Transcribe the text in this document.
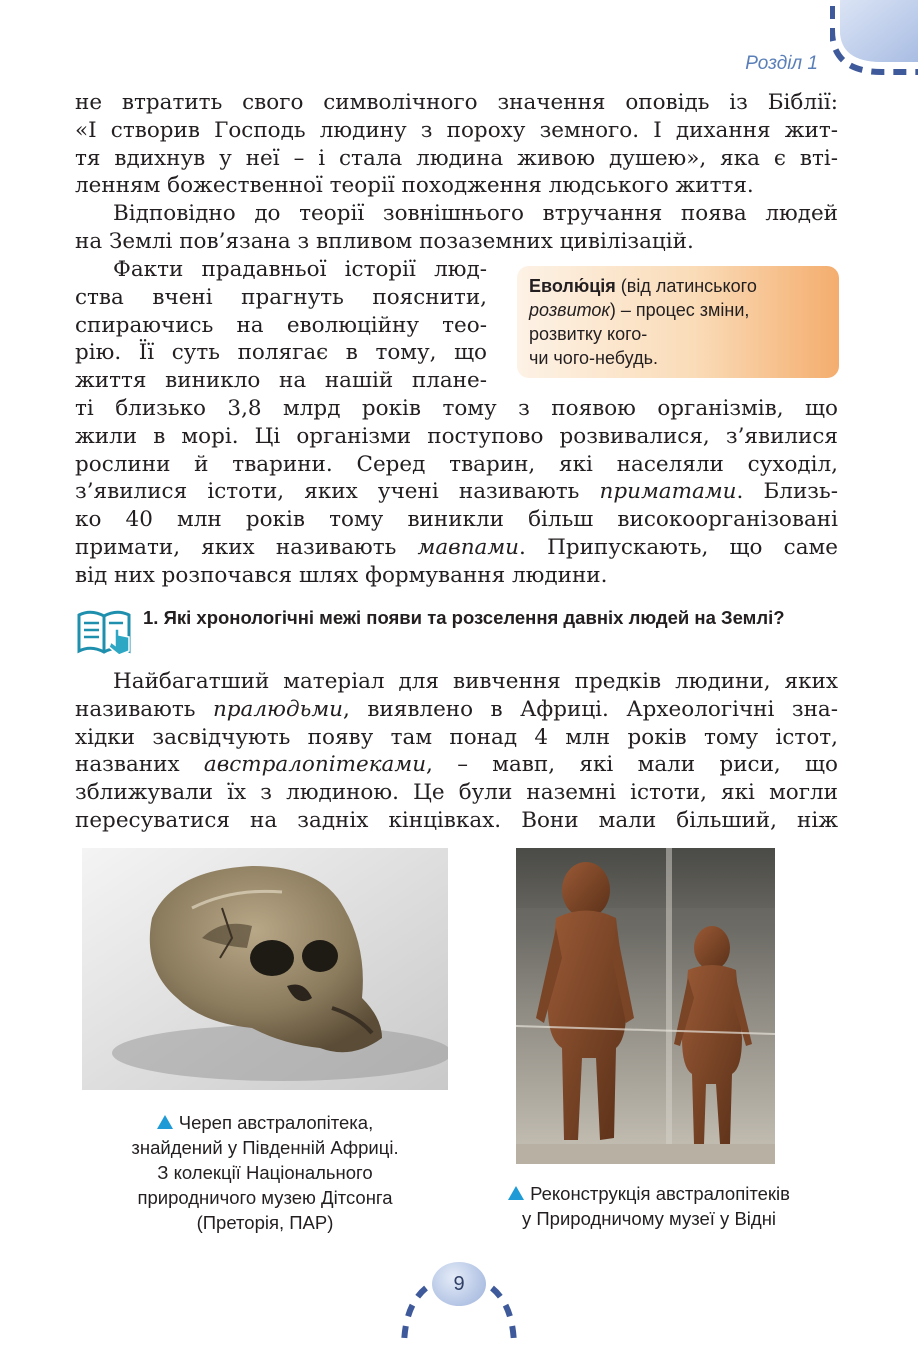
Розділ 1
не втратить свого символічного значення оповідь із Біблії:
«І створив Господь людину з пороху земного. І дихання жит-
тя вдихнув у неї – і стала людина живою душею», яка є вті-
ленням божественної теорії походження людського життя.
Відповідно до теорії зовнішнього втручання поява людей
на Землі пов’язана з впливом позаземних цивілізацій.
Факти прадавньої історії люд-
ства вчені прагнуть пояснити,
спираючись на еволюційну тео-
рію. Її суть полягає в тому, що
життя виникло на нашій плане-
Еволю́ція (від латинського
розвиток) – процес зміни,
розвитку кого-
чи чого-небудь.
ті близько 3,8 млрд років тому з появою організмів, що
жили в морі. Ці організми поступово розвивалися, з’явилися
рослини й тварини. Серед тварин, які населяли суходіл,
з’явилися істоти, яких учені називають приматами. Близь-
ко 40 млн років тому виникли більш високоорганізовані
примати, яких називають мавпами. Припускають, що саме
від них розпочався шлях формування людини.
1. Які хронологічні межі появи та розселення давніх людей на Землі?
Найбагатший матеріал для вивчення предків людини, яких
називають пралюдьми, виявлено в Африці. Археологічні зна-
хідки засвідчують появу там понад 4 млн років тому істот,
названих австралопітеками, – мавп, які мали риси, що
зближували їх з людиною. Це були наземні істоти, які могли
пересуватися на задніх кінцівках. Вони мали більший, ніж
Череп австралопітека,
знайдений у Південній Африці.
З колекції Національного
природничого музею Дітсонга
(Преторія, ПАР)
Реконструкція австралопітеків
у Природничому музеї у Відні
9
